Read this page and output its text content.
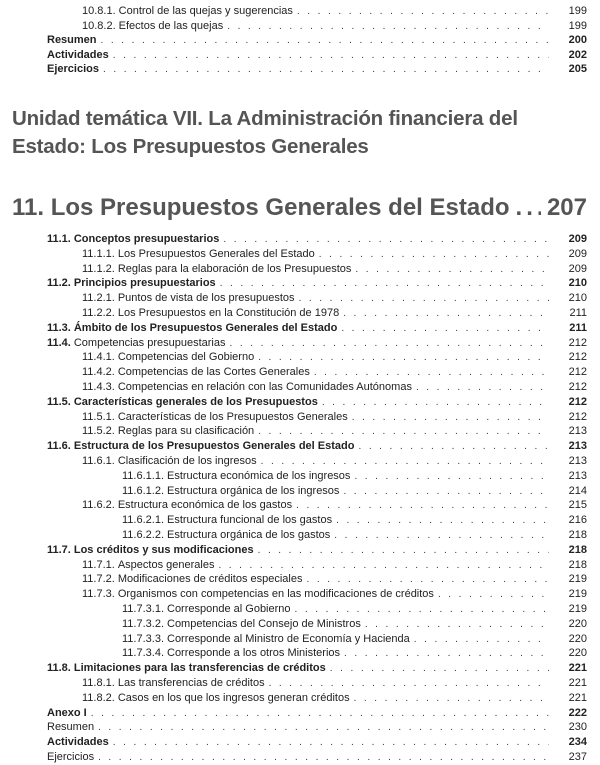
10.8.1. Control de las quejas y sugerencias . . .	199
10.8.2. Efectos de las quejas . . .	199
Resumen . . .	200
Actividades . . .	202
Ejercicios . . .	205
Unidad temática VII. La Administración financiera del
Estado: Los Presupuestos Generales
11. Los Presupuestos Generales del Estado ..... 207
11.1. Conceptos presupuestarios . . .	209
11.1.1. Los Presupuestos Generales del Estado . . .	209
11.1.2. Reglas para la elaboración de los Presupuestos . . .	209
11.2. Principios presupuestarios . . .	210
11.2.1. Puntos de vista de los presupuestos . . .	210
11.2.2. Los Presupuestos en la Constitución de 1978 . . .	211
11.3. Ámbito de los Presupuestos Generales del Estado . . .	211
11.4. Competencias presupuestarias . . .	212
11.4.1. Competencias del Gobierno . . .	212
11.4.2. Competencias de las Cortes Generales . . .	212
11.4.3. Competencias en relación con las Comunidades Autónomas . . .	212
11.5. Características generales de los Presupuestos . . .	212
11.5.1. Características de los Presupuestos Generales . . .	212
11.5.2. Reglas para su clasificación . . .	213
11.6. Estructura de los Presupuestos Generales del Estado . . .	213
11.6.1. Clasificación de los ingresos . . .	213
11.6.1.1. Estructura económica de los ingresos . . .	213
11.6.1.2. Estructura orgánica de los ingresos . . .	214
11.6.2. Estructura económica de los gastos . . .	215
11.6.2.1. Estructura funcional de los gastos . . .	216
11.6.2.2. Estructura orgánica de los gastos . . .	218
11.7. Los créditos y sus modificaciones . . .	218
11.7.1. Aspectos generales . . .	218
11.7.2. Modificaciones de créditos especiales . . .	219
11.7.3. Organismos con competencias en las modificaciones de créditos . . .	219
11.7.3.1. Corresponde al Gobierno . . .	219
11.7.3.2. Competencias del Consejo de Ministros . . .	220
11.7.3.3. Corresponde al Ministro de Economía y Hacienda . . .	220
11.7.3.4. Corresponde a los otros Ministerios . . .	220
11.8. Limitaciones para las transferencias de créditos . . .	221
11.8.1. Las transferencias de créditos . . .	221
11.8.2. Casos en los que los ingresos generan créditos . . .	221
Anexo I . . .	222
Resumen . . .	230
Actividades . . .	234
Ejercicios . . .	237
